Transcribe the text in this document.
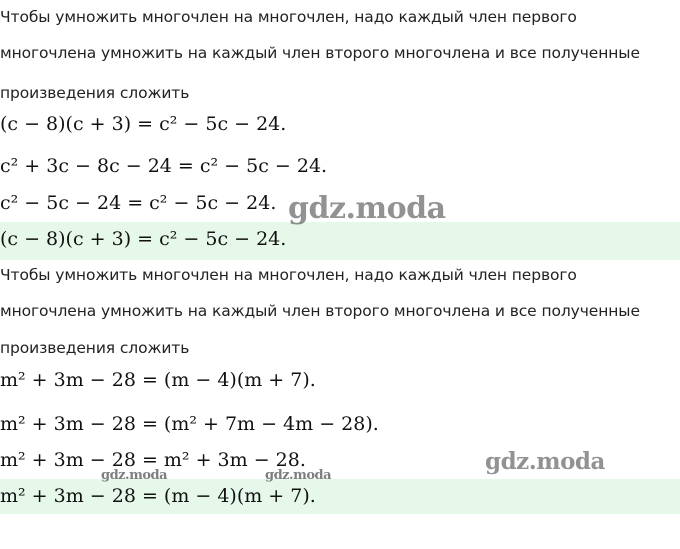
Чтобы умножить многочлен на многочлен, надо каждый член первого
многочлена умножить на каждый член второго многочлена и все полученные
произведения сложить
(c − 8)(c + 3) = c² − 5c − 24.
c² + 3c − 8c − 24 = c² − 5c − 24.
c² − 5c − 24 = c² − 5c − 24.
(c − 8)(c + 3) = c² − 5c − 24.
Чтобы умножить многочлен на многочлен, надо каждый член первого
многочлена умножить на каждый член второго многочлена и все полученные
произведения сложить
m² + 3m − 28 = (m − 4)(m + 7).
m² + 3m − 28 = (m² + 7m − 4m − 28).
m² + 3m − 28 = m² + 3m − 28.
m² + 3m − 28 = (m − 4)(m + 7).
gdz.moda
gdz.moda
gdz.moda	gdz.moda
